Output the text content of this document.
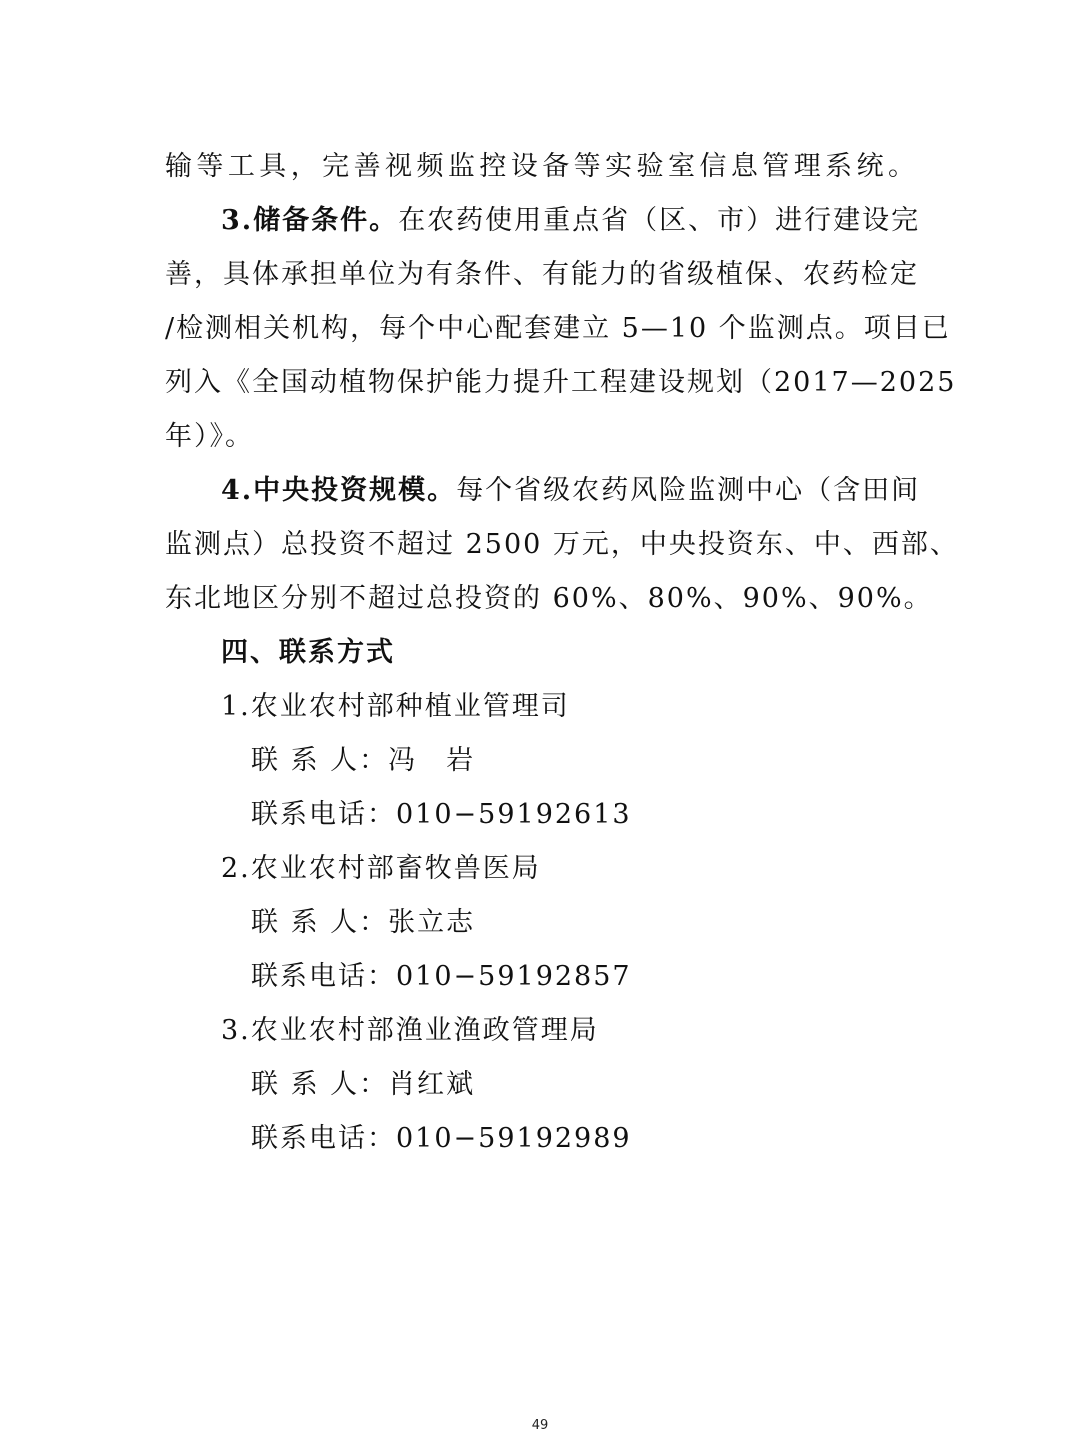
输等工具，完善视频监控设备等实验室信息管理系统。
3.储备条件。在农药使用重点省（区、市）进行建设完
善，具体承担单位为有条件、有能力的省级植保、农药检定
/检测相关机构，每个中心配套建立 5—10 个监测点。项目已
列入《全国动植物保护能力提升工程建设规划（2017—2025
年）》。
4.中央投资规模。每个省级农药风险监测中心（含田间
监测点）总投资不超过 2500 万元，中央投资东、中、西部、
东北地区分别不超过总投资的 60%、80%、90%、90%。
四、联系方式
1.农业农村部种植业管理司
联 系 人：冯　岩
联系电话：010−59192613
2.农业农村部畜牧兽医局
联 系 人：张立志
联系电话：010−59192857
3.农业农村部渔业渔政管理局
联 系 人：肖红斌
联系电话：010−59192989
49
